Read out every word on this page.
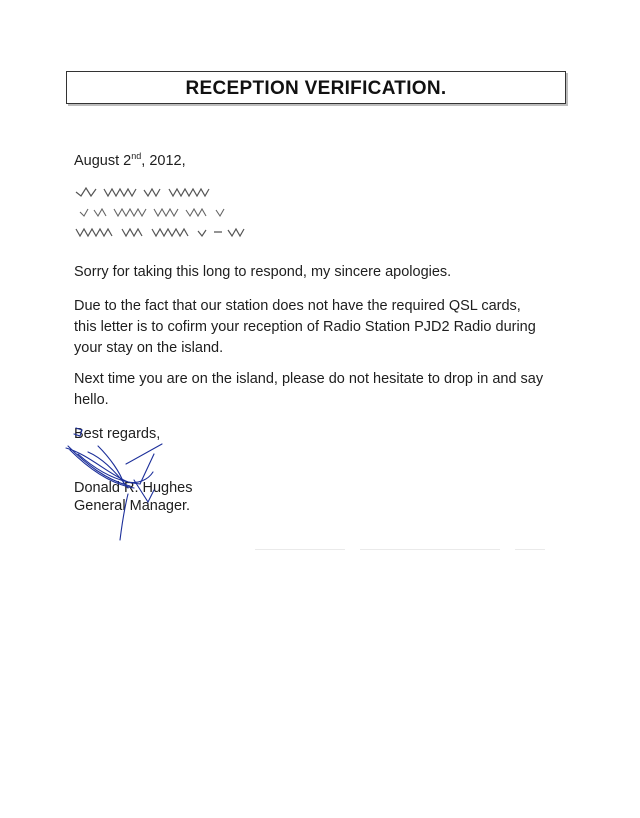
RECEPTION VERIFICATION.
August 2nd, 2012,
Sorry for taking this long to respond, my sincere apologies.
Due to the fact that our station does not have the required QSL cards, this letter is to cofirm your reception of Radio Station PJD2 Radio during your stay on the island.
Next time you are on the island, please do not hesitate to drop in and say hello.
Best regards,
Donald R. Hughes
General Manager.
